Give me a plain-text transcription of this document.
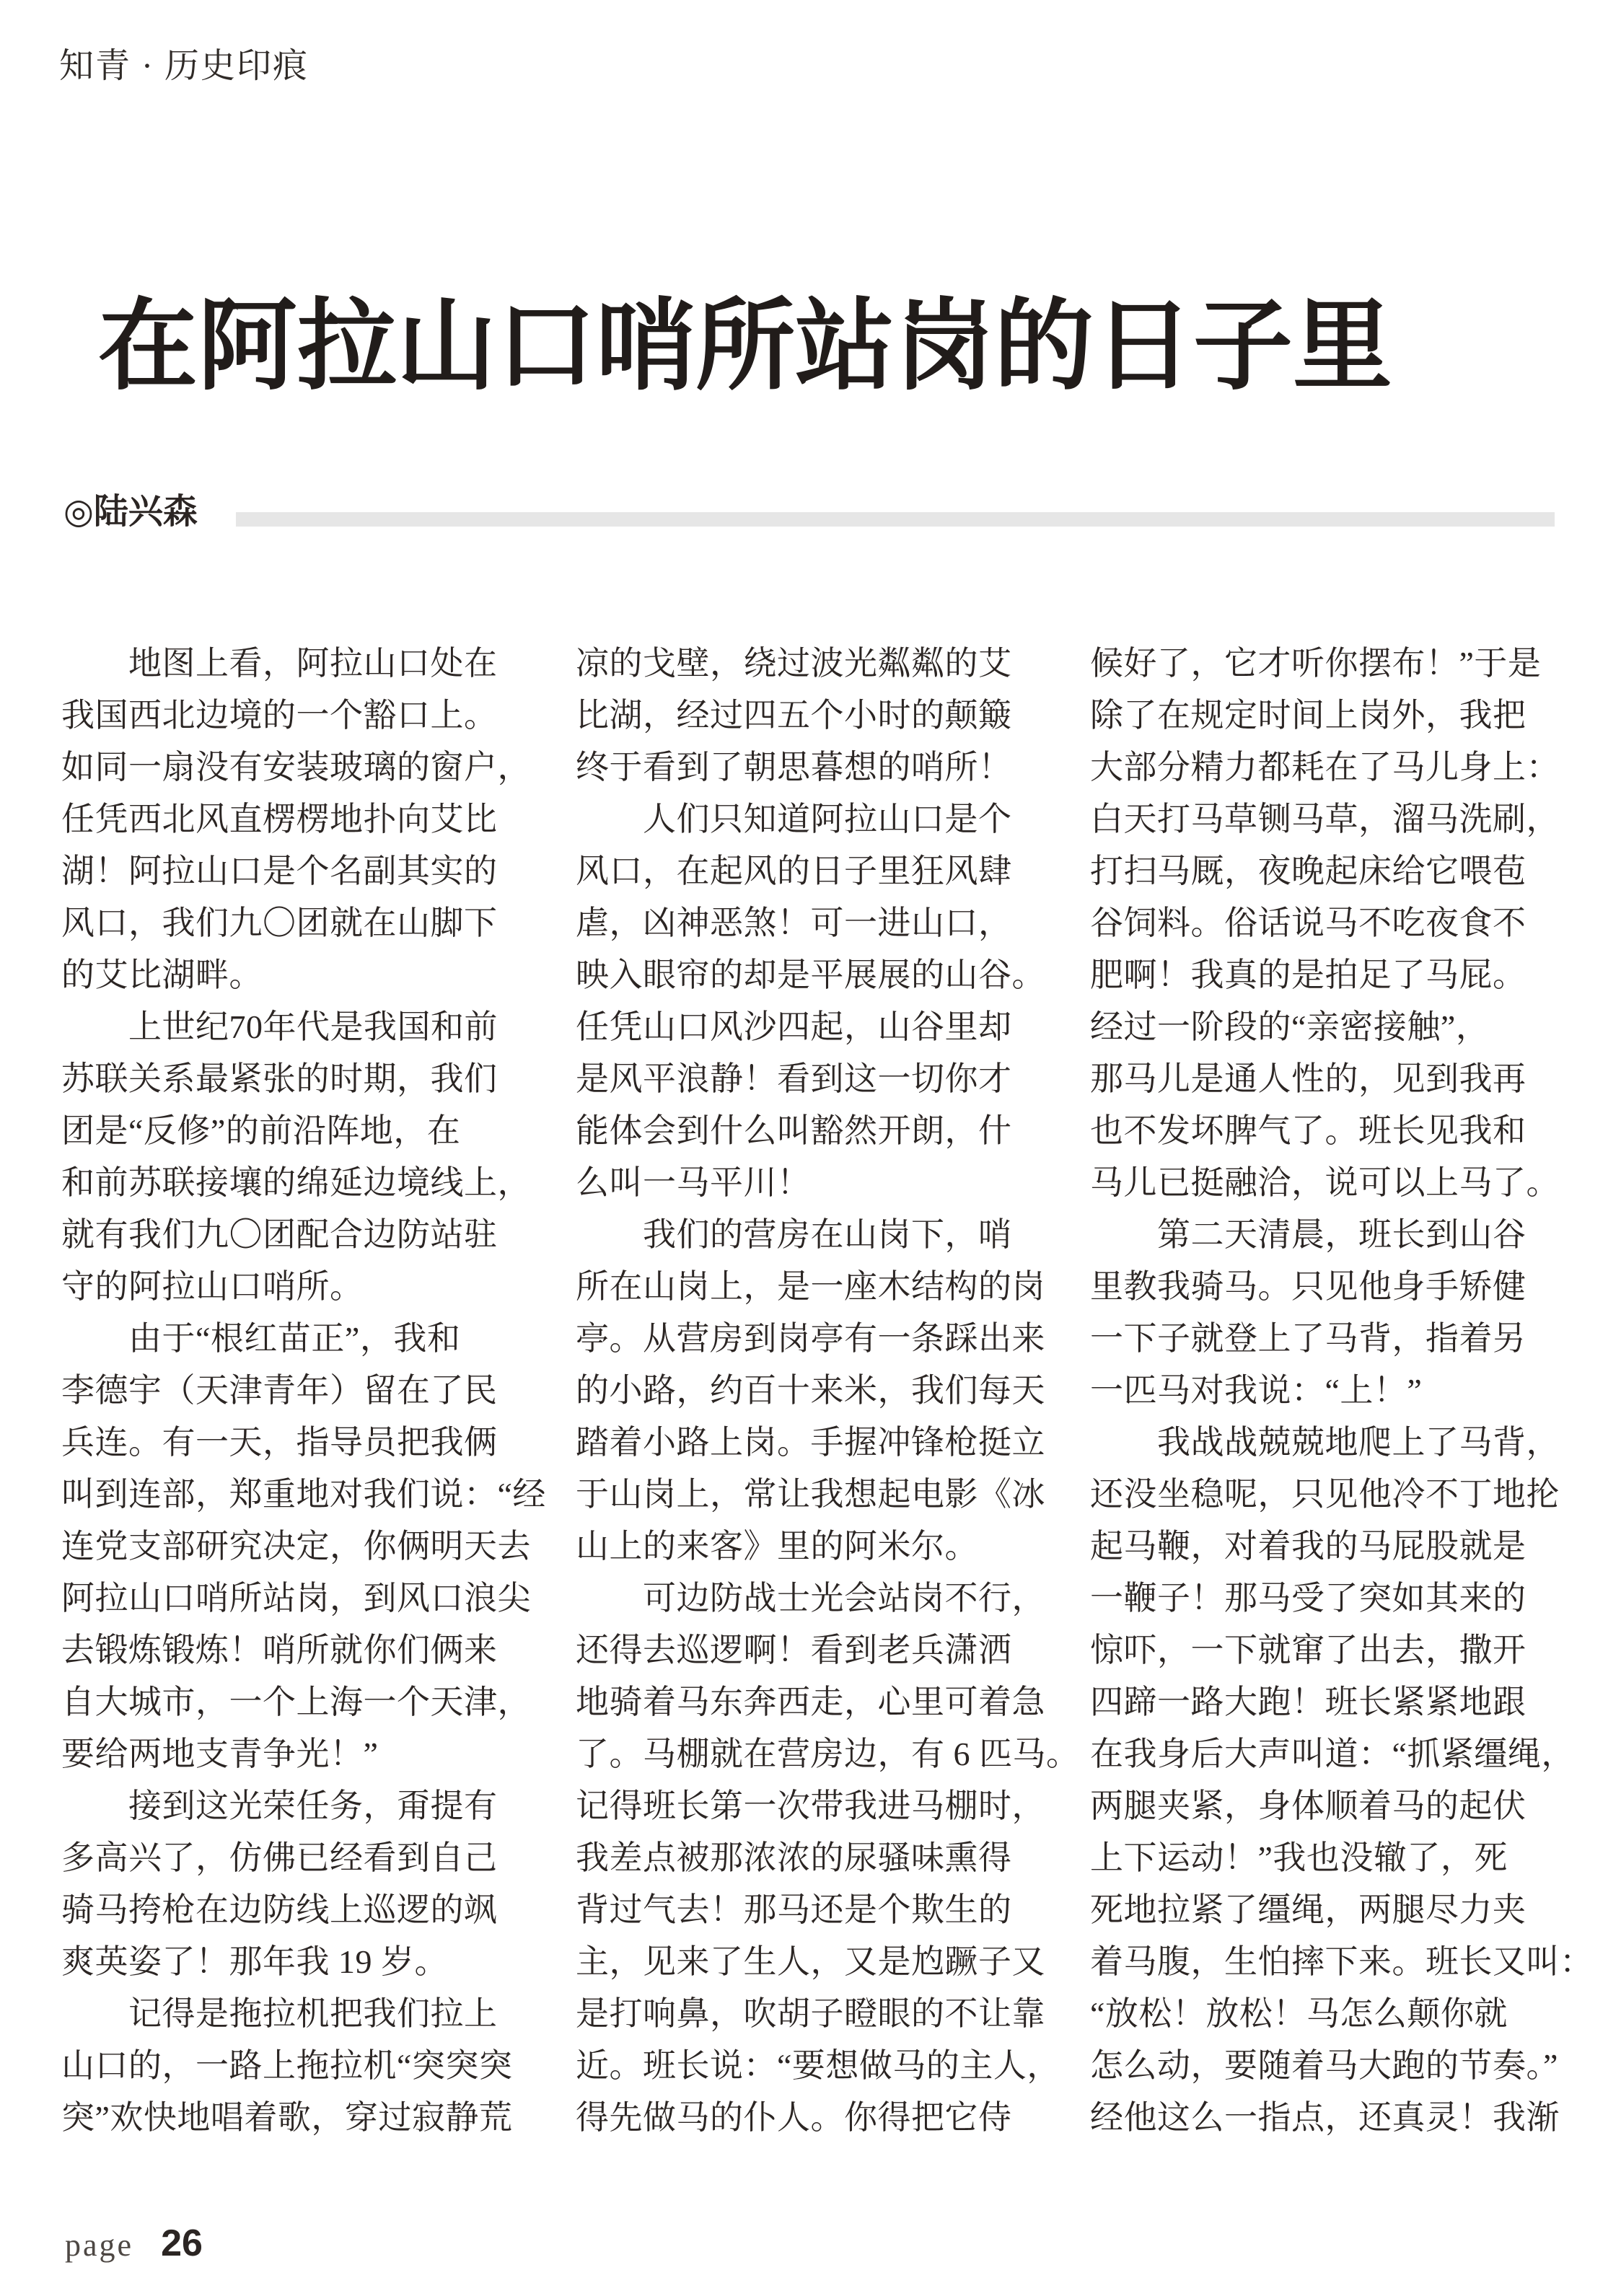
知青 · 历史印痕
在阿拉山口哨所站岗的日子里
◎陆兴森
　　地图上看，阿拉山口处在
我国西北边境的一个豁口上。
如同一扇没有安装玻璃的窗户，
任凭西北风直楞楞地扑向艾比
湖！阿拉山口是个名副其实的
风口，我们九〇团就在山脚下
的艾比湖畔。
　　上世纪70年代是我国和前
苏联关系最紧张的时期，我们
团是“反修”的前沿阵地，在
和前苏联接壤的绵延边境线上，
就有我们九〇团配合边防站驻
守的阿拉山口哨所。
　　由于“根红苗正”，我和
李德宇（天津青年）留在了民
兵连。有一天，指导员把我俩
叫到连部，郑重地对我们说：“经
连党支部研究决定，你俩明天去
阿拉山口哨所站岗，到风口浪尖
去锻炼锻炼！哨所就你们俩来
自大城市，一个上海一个天津，
要给两地支青争光！”
　　接到这光荣任务，甭提有
多高兴了，仿佛已经看到自己
骑马挎枪在边防线上巡逻的飒
爽英姿了！那年我 19 岁。
　　记得是拖拉机把我们拉上
山口的，一路上拖拉机“突突突
突”欢快地唱着歌，穿过寂静荒
凉的戈壁，绕过波光粼粼的艾
比湖，经过四五个小时的颠簸
终于看到了朝思暮想的哨所！
　　人们只知道阿拉山口是个
风口，在起风的日子里狂风肆
虐，凶神恶煞！可一进山口，
映入眼帘的却是平展展的山谷。
任凭山口风沙四起，山谷里却
是风平浪静！看到这一切你才
能体会到什么叫豁然开朗，什
么叫一马平川！
　　我们的营房在山岗下，哨
所在山岗上，是一座木结构的岗
亭。从营房到岗亭有一条踩出来
的小路，约百十来米，我们每天
踏着小路上岗。手握冲锋枪挺立
于山岗上，常让我想起电影《冰
山上的来客》里的阿米尔。
　　可边防战士光会站岗不行，
还得去巡逻啊！看到老兵潇洒
地骑着马东奔西走，心里可着急
了。马棚就在营房边，有 6 匹马。
记得班长第一次带我进马棚时，
我差点被那浓浓的尿骚味熏得
背过气去！那马还是个欺生的
主，见来了生人，又是尥蹶子又
是打响鼻，吹胡子瞪眼的不让靠
近。班长说：“要想做马的主人，
得先做马的仆人。你得把它侍
候好了，它才听你摆布！”于是
除了在规定时间上岗外，我把
大部分精力都耗在了马儿身上：
白天打马草铡马草，溜马洗刷，
打扫马厩，夜晚起床给它喂苞
谷饲料。俗话说马不吃夜食不
肥啊！我真的是拍足了马屁。
经过一阶段的“亲密接触”，
那马儿是通人性的，见到我再
也不发坏脾气了。班长见我和
马儿已挺融洽，说可以上马了。
　　第二天清晨，班长到山谷
里教我骑马。只见他身手矫健
一下子就登上了马背，指着另
一匹马对我说：“上！”
　　我战战兢兢地爬上了马背，
还没坐稳呢，只见他冷不丁地抡
起马鞭，对着我的马屁股就是
一鞭子！那马受了突如其来的
惊吓，一下就窜了出去，撒开
四蹄一路大跑！班长紧紧地跟
在我身后大声叫道：“抓紧缰绳，
两腿夹紧，身体顺着马的起伏
上下运动！”我也没辙了，死
死地拉紧了缰绳，两腿尽力夹
着马腹，生怕摔下来。班长又叫：
“放松！放松！马怎么颠你就
怎么动，要随着马大跑的节奏。”
经他这么一指点，还真灵！我渐
page 26
